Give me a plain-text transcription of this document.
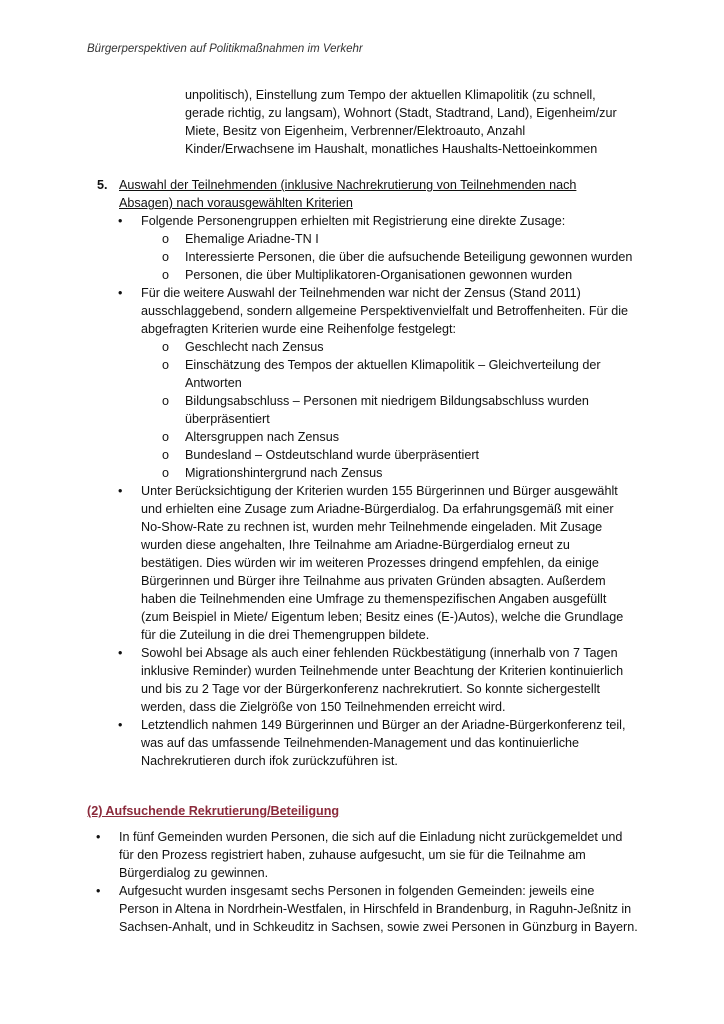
Bürgerperspektiven auf Politikmaßnahmen im Verkehr
unpolitisch), Einstellung zum Tempo der aktuellen Klimapolitik (zu schnell,
gerade richtig, zu langsam), Wohnort (Stadt, Stadtrand, Land), Eigenheim/zur
Miete, Besitz von Eigenheim, Verbrenner/Elektroauto, Anzahl
Kinder/Erwachsene im Haushalt, monatliches Haushalts-Nettoeinkommen
5. Auswahl der Teilnehmenden (inklusive Nachrekrutierung von Teilnehmenden nach
Absagen) nach vorausgewählten Kriterien
• Folgende Personengruppen erhielten mit Registrierung eine direkte Zusage:
o Ehemalige Ariadne-TN I
o Interessierte Personen, die über die aufsuchende Beteiligung gewonnen wurden
o Personen, die über Multiplikatoren-Organisationen gewonnen wurden
• Für die weitere Auswahl der Teilnehmenden war nicht der Zensus (Stand 2011)
ausschlaggebend, sondern allgemeine Perspektivenvielfalt und Betroffenheiten. Für die
abgefragten Kriterien wurde eine Reihenfolge festgelegt:
o Geschlecht nach Zensus
o Einschätzung des Tempos der aktuellen Klimapolitik – Gleichverteilung der
Antworten
o Bildungsabschluss – Personen mit niedrigem Bildungsabschluss wurden
überpräsentiert
o Altersgruppen nach Zensus
o Bundesland – Ostdeutschland wurde überpräsentiert
o Migrationshintergrund nach Zensus
• Unter Berücksichtigung der Kriterien wurden 155 Bürgerinnen und Bürger ausgewählt
und erhielten eine Zusage zum Ariadne-Bürgerdialog. Da erfahrungsgemäß mit einer
No-Show-Rate zu rechnen ist, wurden mehr Teilnehmende eingeladen. Mit Zusage
wurden diese angehalten, Ihre Teilnahme am Ariadne-Bürgerdialog erneut zu
bestätigen. Dies würden wir im weiteren Prozesses dringend empfehlen, da einige
Bürgerinnen und Bürger ihre Teilnahme aus privaten Gründen absagten. Außerdem
haben die Teilnehmenden eine Umfrage zu themenspezifischen Angaben ausgefüllt
(zum Beispiel in Miete/ Eigentum leben; Besitz eines (E-)Autos), welche die Grundlage
für die Zuteilung in die drei Themengruppen bildete.
• Sowohl bei Absage als auch einer fehlenden Rückbestätigung (innerhalb von 7 Tagen
inklusive Reminder) wurden Teilnehmende unter Beachtung der Kriterien kontinuierlich
und bis zu 2 Tage vor der Bürgerkonferenz nachrekrutiert. So konnte sichergestellt
werden, dass die Zielgröße von 150 Teilnehmenden erreicht wird.
• Letztendlich nahmen 149 Bürgerinnen und Bürger an der Ariadne-Bürgerkonferenz teil,
was auf das umfassende Teilnehmenden-Management und das kontinuierliche
Nachrekrutieren durch ifok zurückzuführen ist.
(2) Aufsuchende Rekrutierung/Beteiligung
• In fünf Gemeinden wurden Personen, die sich auf die Einladung nicht zurückgemeldet und
für den Prozess registriert haben, zuhause aufgesucht, um sie für die Teilnahme am
Bürgerdialog zu gewinnen.
• Aufgesucht wurden insgesamt sechs Personen in folgenden Gemeinden: jeweils eine
Person in Altena in Nordrhein-Westfalen, in Hirschfeld in Brandenburg, in Raguhn-Jeßnitz in
Sachsen-Anhalt, und in Schkeuditz in Sachsen, sowie zwei Personen in Günzburg in Bayern.
